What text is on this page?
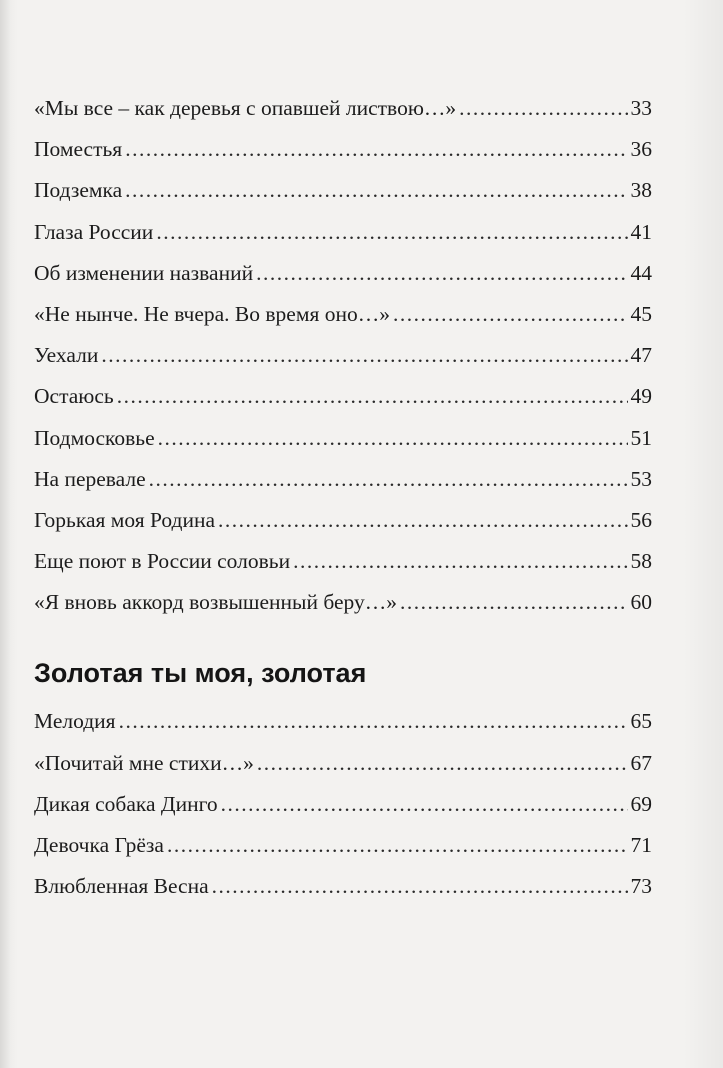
«Мы все – как деревья с опавшей листвою…» .....	33
Поместья .....	36
Подземка .....	38
Глаза России .....	41
Об изменении названий .....	44
«Не нынче. Не вчера. Во время оно…» .....	45
Уехали .....	47
Остаюсь .....	49
Подмосковье .....	51
На перевале .....	53
Горькая моя Родина .....	56
Еще поют в России соловьи .....	58
«Я вновь аккорд возвышенный беру…» .....	60
Золотая ты моя, золотая
Мелодия .....	65
«Почитай мне стихи…» .....	67
Дикая собака Динго .....	69
Девочка Грёза .....	71
Влюбленная Весна .....	73
